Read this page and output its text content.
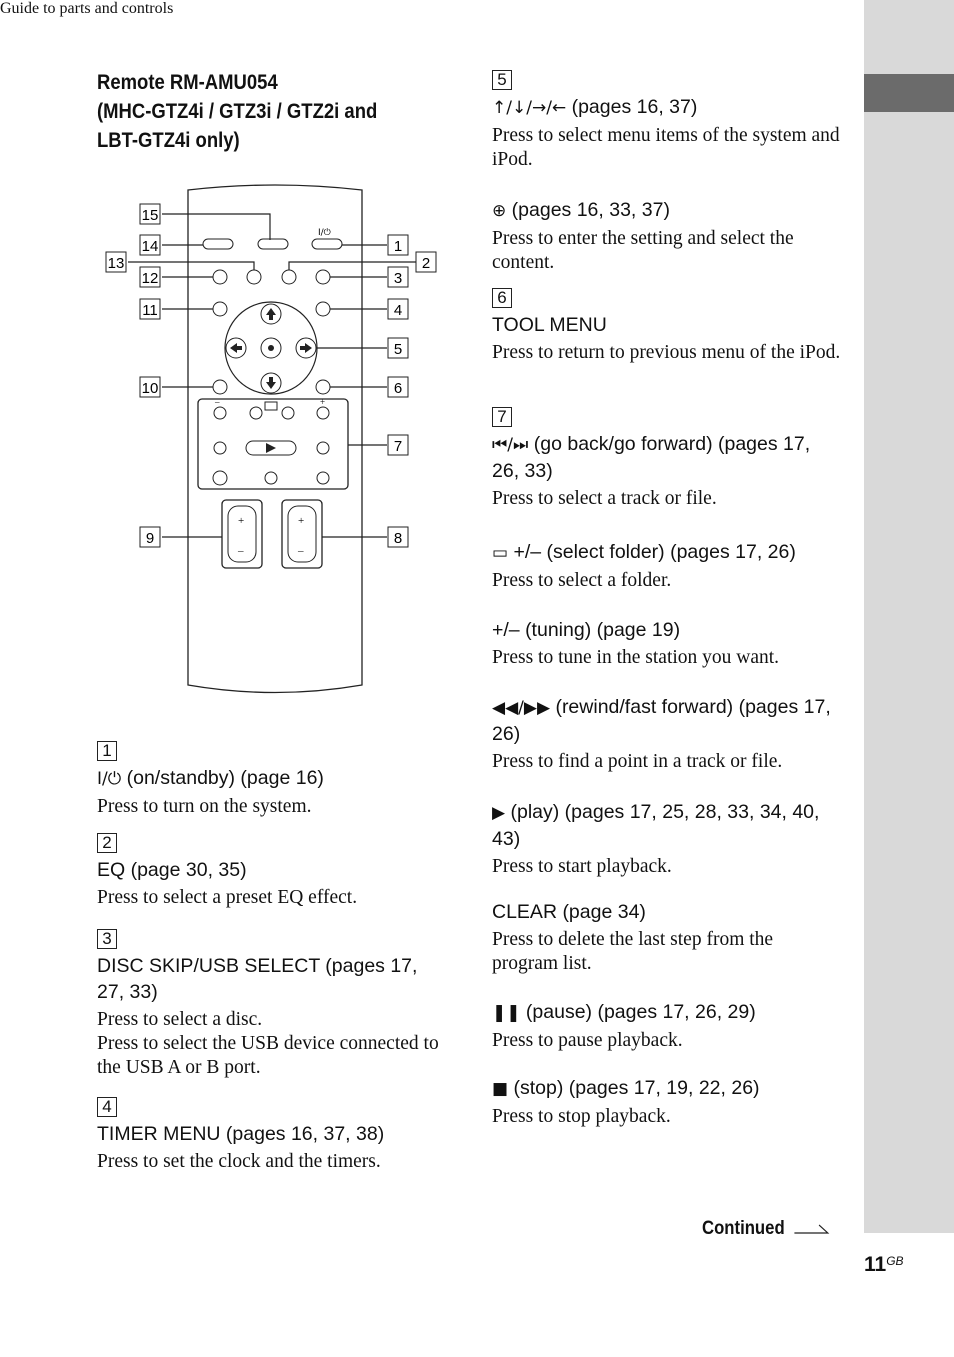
Guide to parts and controls
Remote RM-AMU054
(MHC-GTZ4i / GTZ3i / GTZ2i and
LBT-GTZ4i only)
I/⏻
–	+
+
–
+
–
15
14
13
12
11
10
9
1
2
3
4
5
6
7
8
1
I/⏻ (on/standby) (page 16)
Press to turn on the system.
2
EQ (page 30, 35)
Press to select a preset EQ effect.
3
DISC SKIP/USB SELECT (pages 17, 27, 33)
Press to select a disc.
Press to select the USB device connected to the USB A or B port.
4
TIMER MENU (pages 16, 37, 38)
Press to set the clock and the timers.
5
↑/↓/→/← (pages 16, 37)
Press to select menu items of the system and iPod.
⊕ (pages 16, 33, 37)
Press to enter the setting and select the content.
6
TOOL MENU
Press to return to previous menu of the iPod.
7
⏮/⏭ (go back/go forward) (pages 17, 26, 33)
Press to select a track or file.
▭ +/– (select folder) (pages 17, 26)
Press to select a folder.
+/– (tuning) (page 19)
Press to tune in the station you want.
◀◀/▶▶ (rewind/fast forward) (pages 17, 26)
Press to find a point in a track or file.
▶ (play) (pages 17, 25, 28, 33, 34, 40, 43)
Press to start playback.
CLEAR (page 34)
Press to delete the last step from the program list.
❚❚ (pause) (pages 17, 26, 29)
Press to pause playback.
■ (stop) (pages 17, 19, 22, 26)
Press to stop playback.
Continued
$11^{GB}$
